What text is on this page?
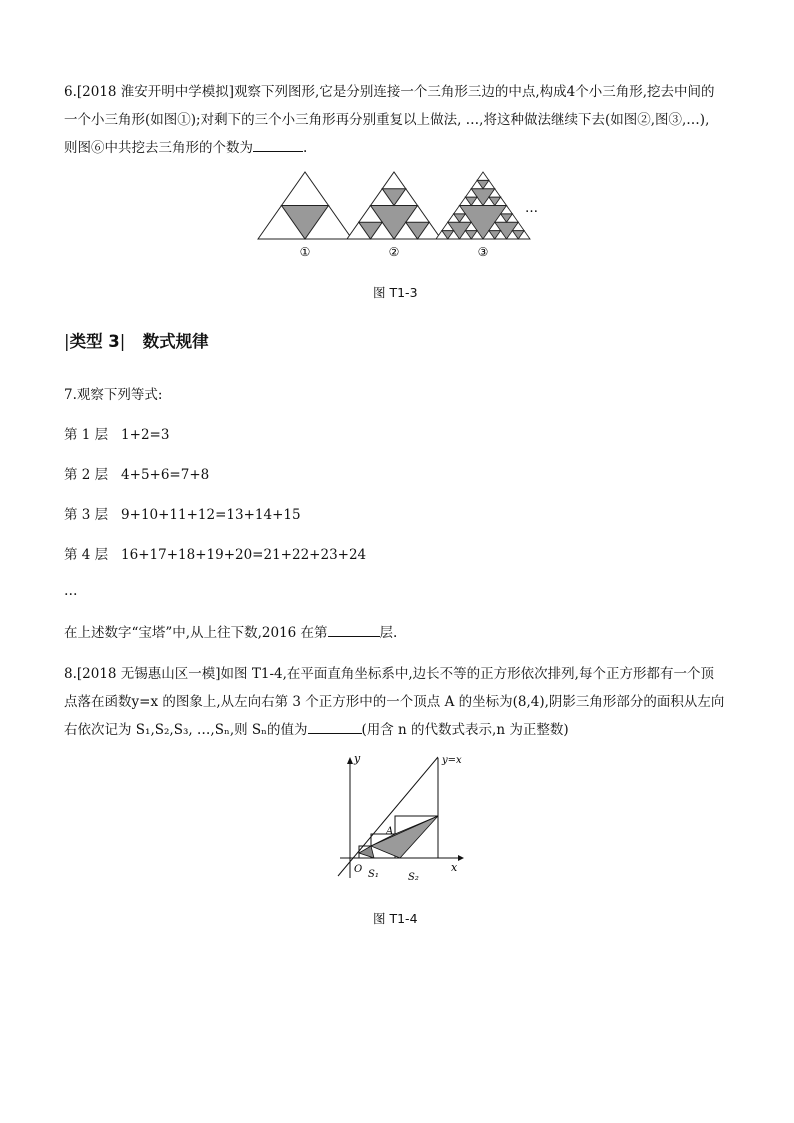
6.[2018 淮安开明中学模拟]观察下列图形,它是分别连接一个三角形三边的中点,构成4个小三角形,挖去中间的
一个小三角形(如图①);对剩下的三个小三角形再分别重复以上做法, …,将这种做法继续下去(如图②,图③,…),
则图⑥中共挖去三角形的个数为	.
①	②	③
…
图 T1-3
|类型 3| 数式规律
7.观察下列等式:
第 1 层 1+2=3
第 2 层 4+5+6=7+8
第 3 层 9+10+11+12=13+14+15
第 4 层 16+17+18+19+20=21+22+23+24
…
在上述数字“宝塔”中,从上往下数,2016 在第	层.
8.[2018 无锡惠山区一模]如图 T1-4,在平面直角坐标系中,边长不等的正方形依次排列,每个正方形都有一个顶
点落在函数y=x 的图象上,从左向右第 3 个正方形中的一个顶点 A 的坐标为(8,4),阴影三角形部分的面积从左向
右依次记为 S₁,S₂,S₃, …,Sₙ,则 Sₙ的值为	(用含 n 的代数式表示,n 为正整数)
y
x
y=x
O
A
S₁	S₂
图 T1-4
